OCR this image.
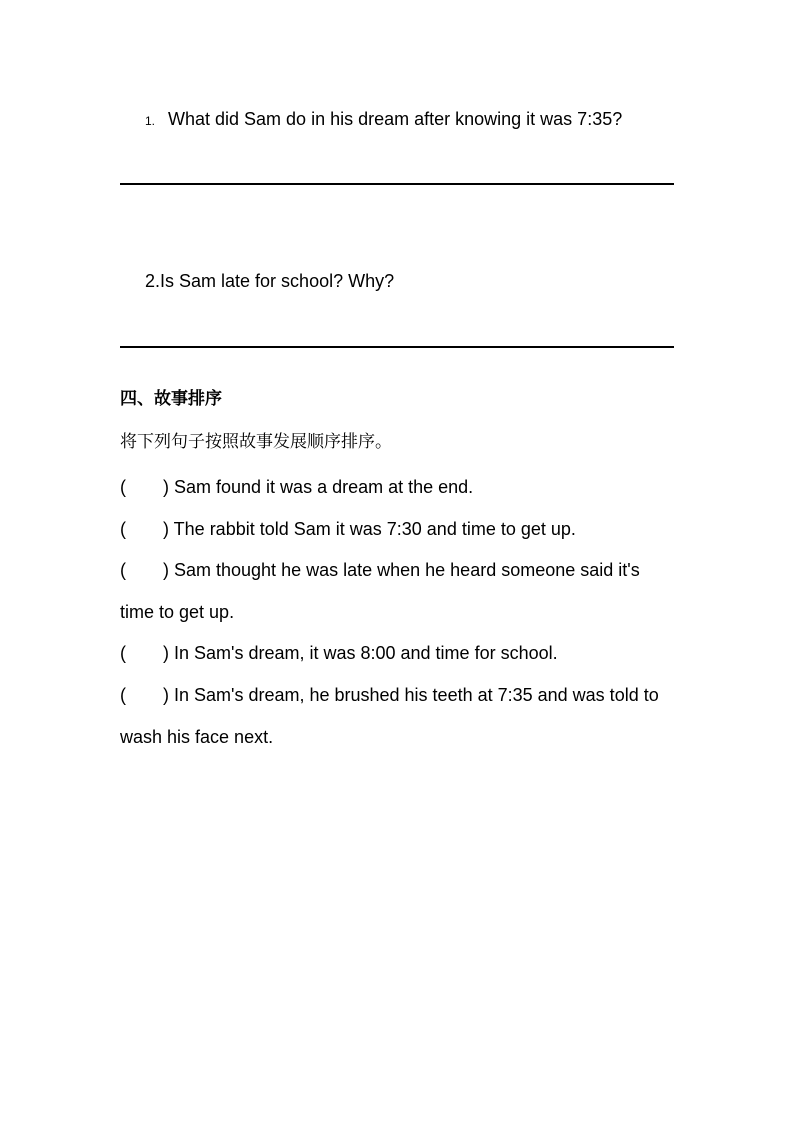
1. What did Sam do in his dream after knowing it was 7:35?
2.Is Sam late for school? Why?
四、故事排序
将下列句子按照故事发展顺序排序。
( ) Sam found it was a dream at the end.
( ) The rabbit told Sam it was 7:30 and time to get up.
( ) Sam thought he was late when he heard someone said it's
time to get up.
( ) In Sam's dream, it was 8:00 and time for school.
( ) In Sam's dream, he brushed his teeth at 7:35 and was told to
wash his face next.
